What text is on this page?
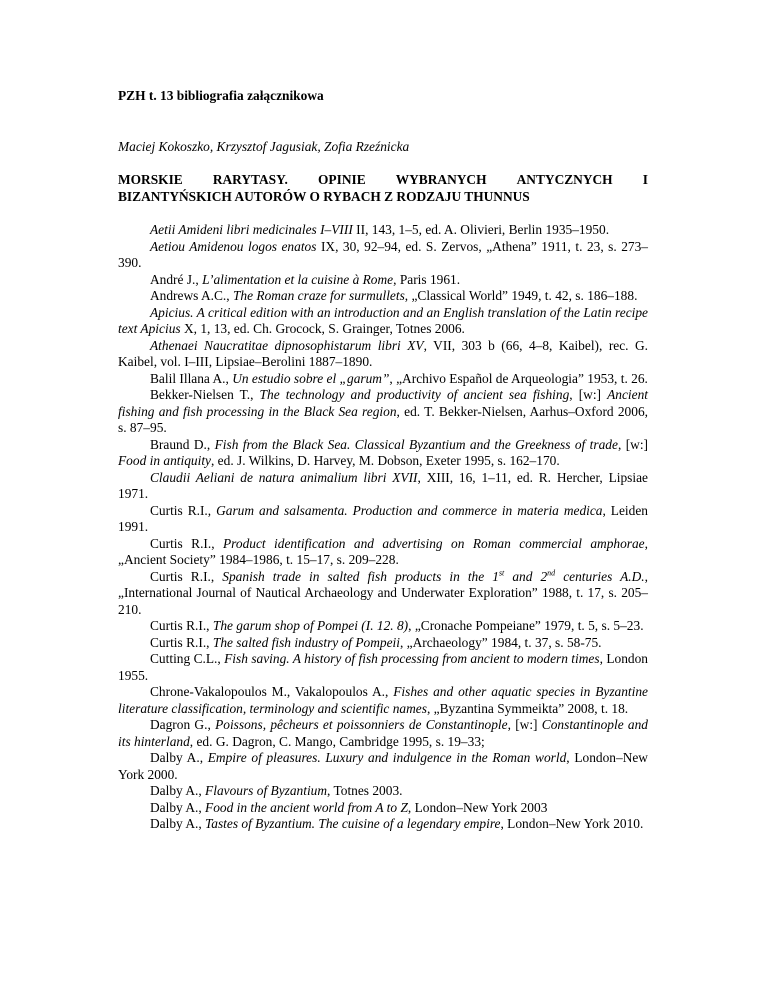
PZH t. 13 bibliografia załącznikowa

Maciej Kokoszko, Krzysztof Jagusiak, Zofia Rzeźnicka

MORSKIE RARYTASY. OPINIE WYBRANYCH ANTYCZNYCH I
BIZANTYŃSKICH AUTORÓW O RYBACH Z RODZAJU THUNNUS

Aetii Amideni libri medicinales I–VIII II, 143, 1–5, ed. A. Olivieri, Berlin 1935–1950.

Aetiou Amidenou logos enatos IX, 30, 92–94, ed. S. Zervos, „Athena” 1911, t. 23, s. 273–390.

André J., L’alimentation et la cuisine à Rome, Paris 1961.

Andrews A.C., The Roman craze for surmullets, „Classical World” 1949, t. 42, s. 186–188.

Apicius. A critical edition with an introduction and an English translation of the Latin recipe text Apicius X, 1, 13, ed. Ch. Grocock, S. Grainger, Totnes 2006.

Athenaei Naucratitae dipnosophistarum libri XV, VII, 303 b (66, 4–8, Kaibel), rec. G. Kaibel, vol. I–III, Lipsiae–Berolini 1887–1890.

Balil Illana A., Un estudio sobre el „garum”, „Archivo Español de Arqueologia” 1953, t. 26.

Bekker-Nielsen T., The technology and productivity of ancient sea fishing, [w:] Ancient fishing and fish processing in the Black Sea region, ed. T. Bekker-Nielsen, Aarhus–Oxford 2006, s. 87–95.

Braund D., Fish from the Black Sea. Classical Byzantium and the Greekness of trade, [w:] Food in antiquity, ed. J. Wilkins, D. Harvey, M. Dobson, Exeter 1995, s. 162–170.

Claudii Aeliani de natura animalium libri XVII, XIII, 16, 1–11, ed. R. Hercher, Lipsiae 1971.

Curtis R.I., Garum and salsamenta. Production and commerce in materia medica, Leiden 1991.

Curtis R.I., Product identification and advertising on Roman commercial amphorae, „Ancient Society” 1984–1986, t. 15–17, s. 209–228.

Curtis R.I., Spanish trade in salted fish products in the 1st and 2nd centuries A.D., „International Journal of Nautical Archaeology and Underwater Exploration” 1988, t. 17, s. 205–210.

Curtis R.I., The garum shop of Pompei (I. 12. 8), „Cronache Pompeiane” 1979, t. 5, s. 5–23.

Curtis R.I., The salted fish industry of Pompeii, „Archaeology” 1984, t. 37, s. 58-75.

Cutting C.L., Fish saving. A history of fish processing from ancient to modern times, London 1955.

Chrone-Vakalopoulos M., Vakalopoulos A., Fishes and other aquatic species in Byzantine literature classification, terminology and scientific names, „Byzantina Symmeikta” 2008, t. 18.

Dagron G., Poissons, pêcheurs et poissonniers de Constantinople, [w:] Constantinople and its hinterland, ed. G. Dagron, C. Mango, Cambridge 1995, s. 19–33;

Dalby A., Empire of pleasures. Luxury and indulgence in the Roman world, London–New York 2000.

Dalby A., Flavours of Byzantium, Totnes 2003.

Dalby A., Food in the ancient world from A to Z, London–New York 2003

Dalby A., Tastes of Byzantium. The cuisine of a legendary empire, London–New York 2010.
